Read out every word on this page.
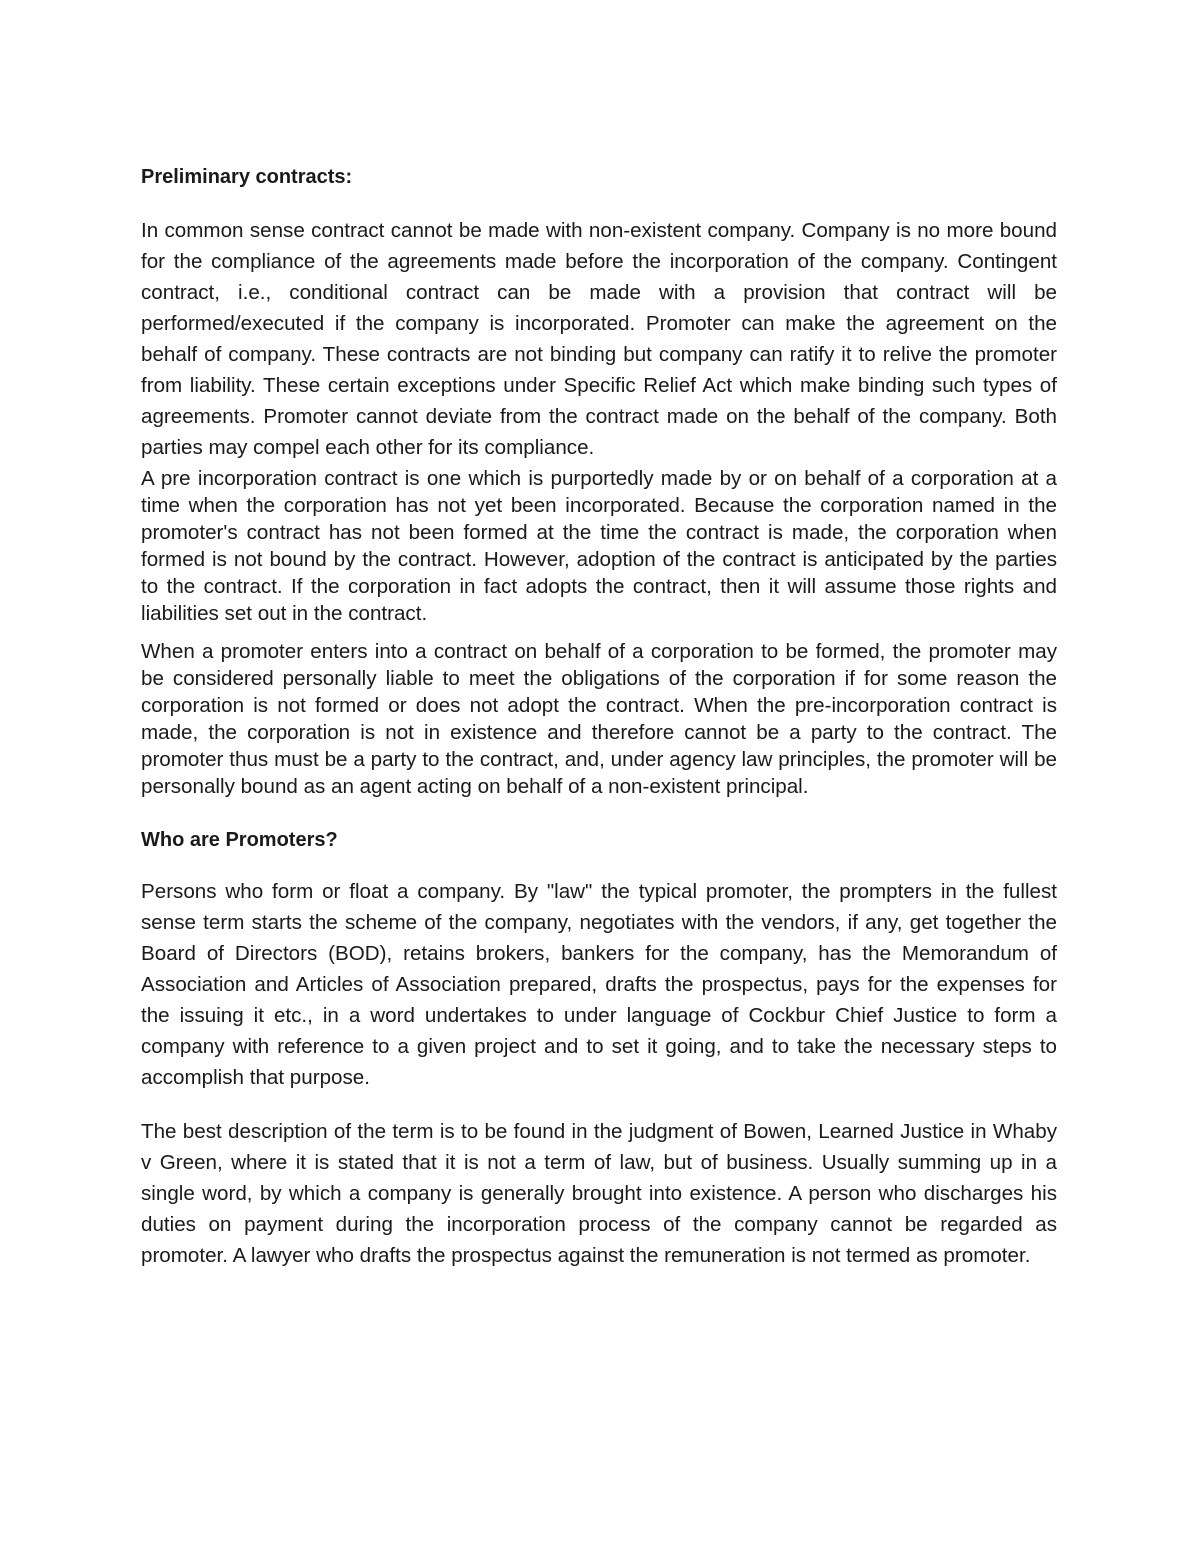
Preliminary contracts:

In common sense contract cannot be made with non-existent company. Company is no more bound for the compliance of the agreements made before the incorporation of the company. Contingent contract, i.e., conditional contract can be made with a provision that contract will be performed/executed if the company is incorporated. Promoter can make the agreement on the behalf of company. These contracts are not binding but company can ratify it to relive the promoter from liability. These certain exceptions under Specific Relief Act which make binding such types of agreements. Promoter cannot deviate from the contract made on the behalf of the company. Both parties may compel each other for its compliance.

A pre incorporation contract is one which is purportedly made by or on behalf of a corporation at a time when the corporation has not yet been incorporated. Because the corporation named in the promoter's contract has not been formed at the time the contract is made, the corporation when formed is not bound by the contract. However, adoption of the contract is anticipated by the parties to the contract. If the corporation in fact adopts the contract, then it will assume those rights and liabilities set out in the contract.

When a promoter enters into a contract on behalf of a corporation to be formed, the promoter may be considered personally liable to meet the obligations of the corporation if for some reason the corporation is not formed or does not adopt the contract. When the pre-incorporation contract is made, the corporation is not in existence and therefore cannot be a party to the contract. The promoter thus must be a party to the contract, and, under agency law principles, the promoter will be personally bound as an agent acting on behalf of a non-existent principal.

Who are Promoters?

Persons who form or float a company. By "law" the typical promoter, the prompters in the fullest sense term starts the scheme of the company, negotiates with the vendors, if any, get together the Board of Directors (BOD), retains brokers, bankers for the company, has the Memorandum of Association and Articles of Association prepared, drafts the prospectus, pays for the expenses for the issuing it etc., in a word undertakes to under language of Cockbur Chief Justice to form a company with reference to a given project and to set it going, and to take the necessary steps to accomplish that purpose.

The best description of the term is to be found in the judgment of Bowen, Learned Justice in Whaby v Green, where it is stated that it is not a term of law, but of business. Usually summing up in a single word, by which a company is generally brought into existence. A person who discharges his duties on payment during the incorporation process of the company cannot be regarded as promoter. A lawyer who drafts the prospectus against the remuneration is not termed as promoter.
